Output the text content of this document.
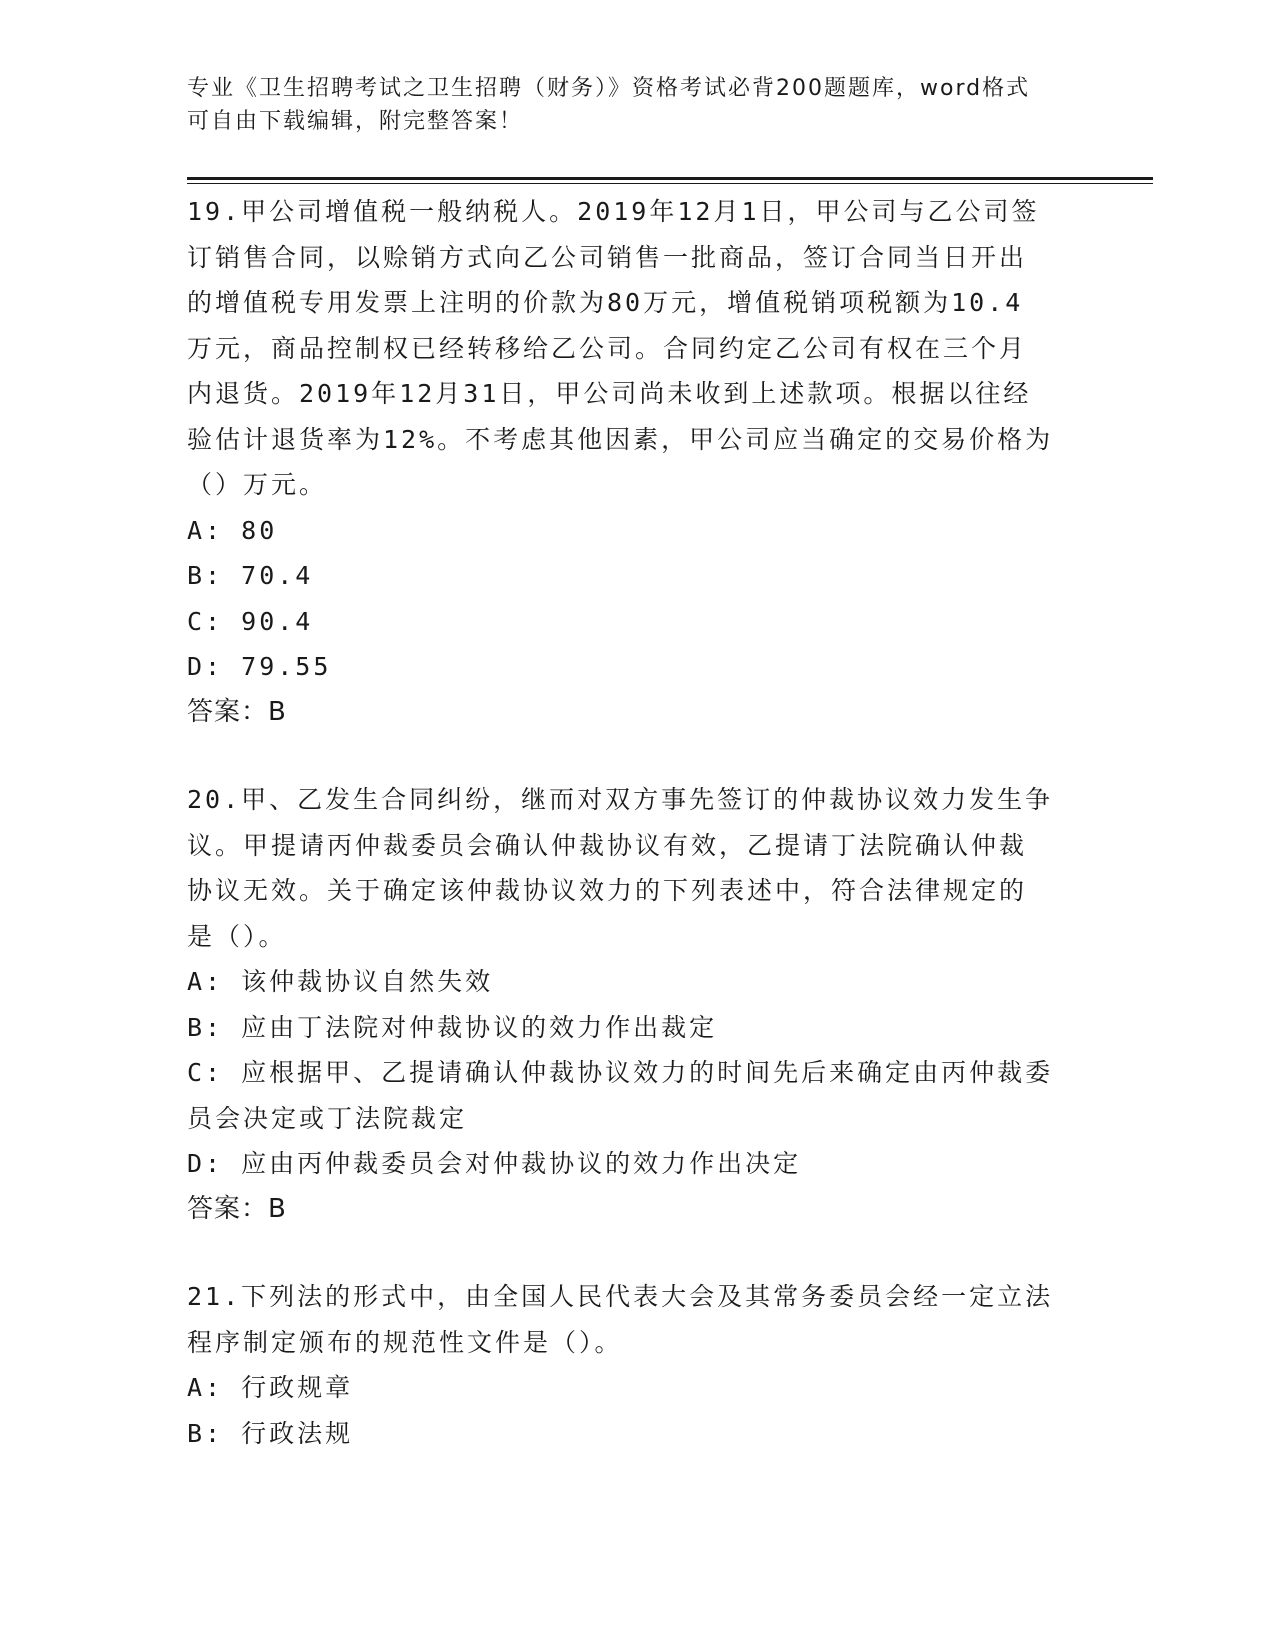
专业《卫生招聘考试之卫生招聘（财务）》资格考试必背200题题库，word格式
可自由下载编辑，附完整答案！
19.甲公司增值税一般纳税人。2019年12月1日，甲公司与乙公司签
订销售合同，以赊销方式向乙公司销售一批商品，签订合同当日开出
的增值税专用发票上注明的价款为80万元，增值税销项税额为10.4
万元，商品控制权已经转移给乙公司。合同约定乙公司有权在三个月
内退货。2019年12月31日，甲公司尚未收到上述款项。根据以往经
验估计退货率为12%。不考虑其他因素，甲公司应当确定的交易价格为
（）万元。
A: 80
B: 70.4
C: 90.4
D: 79.55
答案：B
20.甲、乙发生合同纠纷，继而对双方事先签订的仲裁协议效力发生争
议。甲提请丙仲裁委员会确认仲裁协议有效，乙提请丁法院确认仲裁
协议无效。关于确定该仲裁协议效力的下列表述中，符合法律规定的
是（）。
A: 该仲裁协议自然失效
B: 应由丁法院对仲裁协议的效力作出裁定
C: 应根据甲、乙提请确认仲裁协议效力的时间先后来确定由丙仲裁委
员会决定或丁法院裁定
D: 应由丙仲裁委员会对仲裁协议的效力作出决定
答案：B
21.下列法的形式中，由全国人民代表大会及其常务委员会经一定立法
程序制定颁布的规范性文件是（）。
A: 行政规章
B: 行政法规
